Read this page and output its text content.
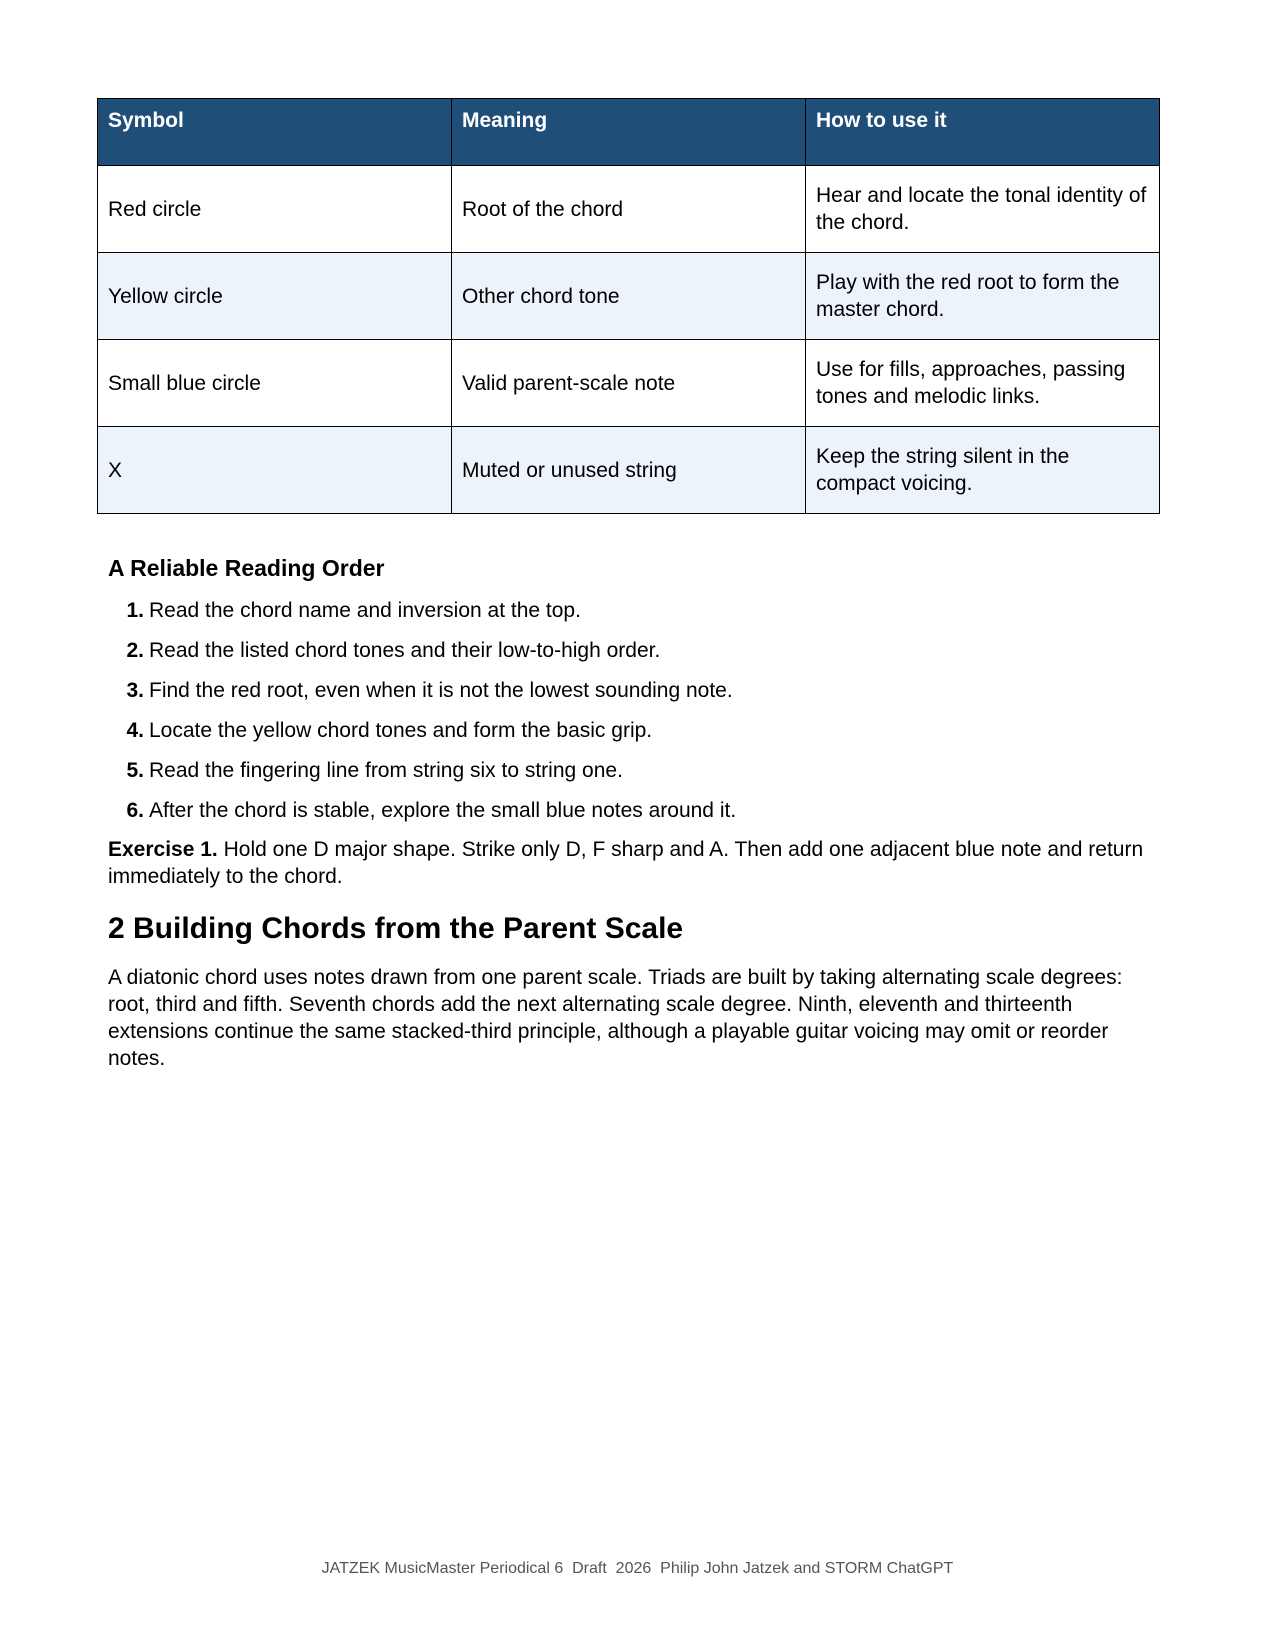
Symbol	Meaning	How to use it
Red circle	Root of the chord	Hear and locate the tonal identity of the chord.
Yellow circle	Other chord tone	Play with the red root to form the master chord.
Small blue circle	Valid parent-scale note	Use for fills, approaches, passing tones and melodic links.
X	Muted or unused string	Keep the string silent in the compact voicing.
A Reliable Reading Order
1. Read the chord name and inversion at the top.
2. Read the listed chord tones and their low-to-high order.
3. Find the red root, even when it is not the lowest sounding note.
4. Locate the yellow chord tones and form the basic grip.
5. Read the fingering line from string six to string one.
6. After the chord is stable, explore the small blue notes around it.

Exercise 1. Hold one D major shape. Strike only D, F sharp and A. Then add one adjacent blue note and return immediately to the chord.

2 Building Chords from the Parent Scale

A diatonic chord uses notes drawn from one parent scale. Triads are built by taking alternating scale degrees: root, third and fifth. Seventh chords add the next alternating scale degree. Ninth, eleventh and thirteenth extensions continue the same stacked-third principle, although a playable guitar voicing may omit or reorder notes.

JATZEK MusicMaster Periodical 6  Draft  2026  Philip John Jatzek and STORM ChatGPT
